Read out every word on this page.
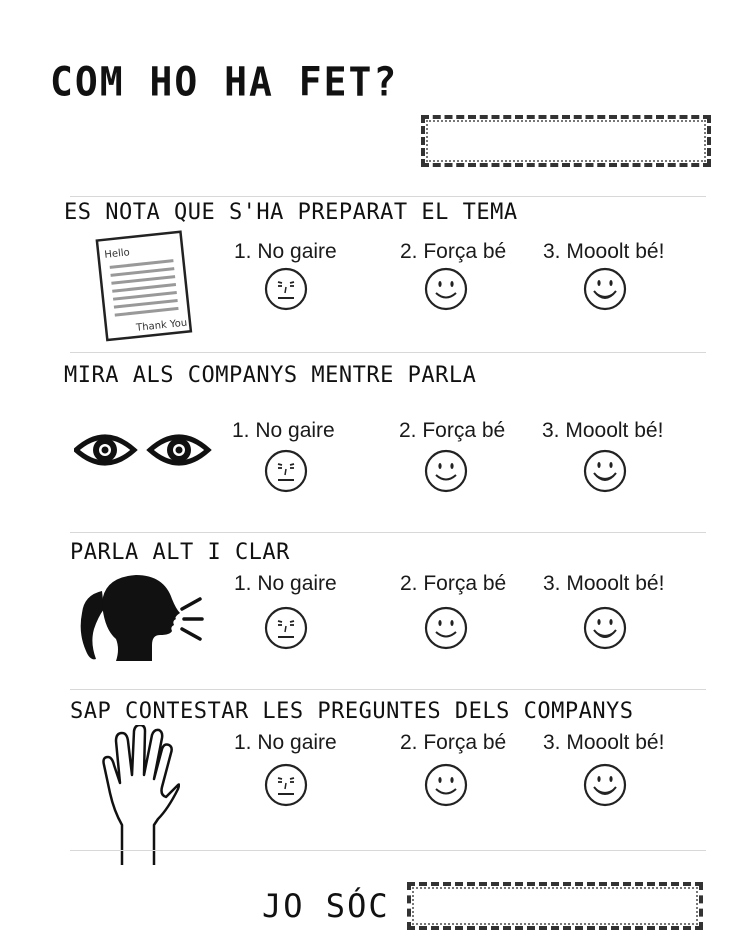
COM HO HA FET?
ES NOTA QUE S'HA PREPARAT EL TEMA
Hello
Thank You
1. No gaire	2. Força bé 3. Mooolt bé!
MIRA ALS COMPANYS MENTRE PARLA
1. No gaire	2. Força bé 3. Mooolt bé!
PARLA ALT I CLAR
1. No gaire	2. Força bé 3. Mooolt bé!
SAP CONTESTAR LES PREGUNTES DELS COMPANYS
1. No gaire	2. Força bé 3. Mooolt bé!
JO SÓC
